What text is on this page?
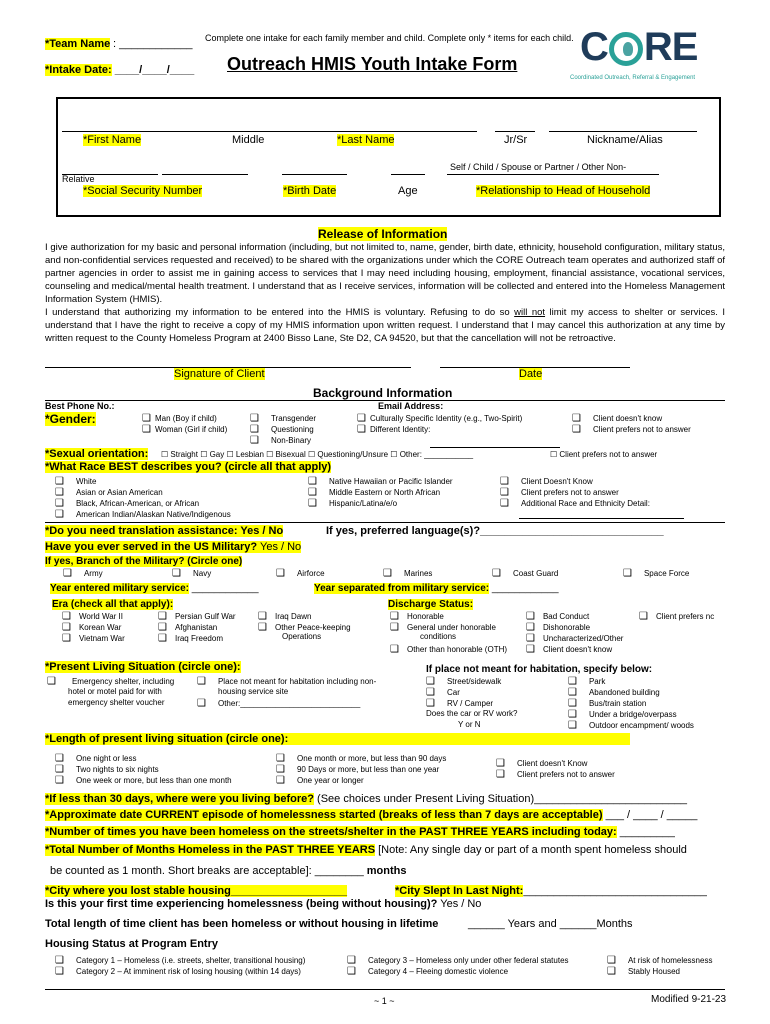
*Team Name : ____________
*Intake Date: ____/____/____
Complete one intake for each family member and child. Complete only * items for each child.
Outreach HMIS Youth Intake Form C RE
Coordinated Outreach, Referral & Engagement
*First Name	Middle	*Last Name	Jr/Sr	Nickname/Alias
Self / Child / Spouse or Partner / Other Non-
Relative
*Social Security Number	*Birth Date	Age	*Relationship to Head of Household
Release of Information
I give authorization for my basic and personal information (including, but not limited to, name, gender, birth date, ethnicity, household configuration, military status, and non-confidential services requested and received) to be shared with the organizations under which the CORE Outreach team operates and authorized staff of partner agencies in order to assist me in gaining access to services that I may need including housing, employment, financial assistance, vocational services, counseling and medical/mental health treatment. I understand that as I receive services, information will be collected and entered into the Homeless Management Information System (HMIS).
I understand that authorizing my information to be entered into the HMIS is voluntary. Refusing to do so will not limit my access to shelter or services. I understand that I have the right to receive a copy of my HMIS information upon written request. I understand that I may cancel this authorization at any time by written request to the County Homeless Program at 2400 Bisso Lane, Ste D2, CA 94520, but that the cancellation will not be retroactive.
Signature of Client	Date
Background Information
Best Phone No.:	Email Address:
*Gender:	❑ Man (Boy if child)
❑ Woman (Girl if child)
❑ Transgender
❑ Questioning
❑ Non-Binary
❑ Culturally Specific Identity (e.g., Two-Spirit)
❑ Different Identity:
❑ Client doesn't know
❑ Client prefers not to answer
*Sexual orientation: ☐ Straight ☐ Gay ☐ Lesbian ☐ Bisexual ☐ Questioning/Unsure ☐ Other: ___________	☐ Client prefers not to answer
*What Race BEST describes you? (circle all that apply)
❑ White
❑ Asian or Asian American
❑ Black, African-American, or African
❑ American Indian/Alaskan Native/Indigenous
❑ Native Hawaiian or Pacific Islander
❑ Middle Eastern or North African
❑ Hispanic/Latina/e/o
❑ Client Doesn't Know
❑ Client prefers not to answer
❑ Additional Race and Ethnicity Detail:
*Do you need translation assistance: Yes / No	If yes, preferred language(s)?______________________________
Have you ever served in the US Military? Yes / No
If yes, Branch of the Military? (Circle one)
❑ Army	❑ Navy	❑ Airforce	❑ Marines	❑ Coast Guard	❑ Space Force
Year entered military service: ____________	Year separated from military service: ____________
Era (check all that apply):
❑ World War II
❑ Korean War
❑ Vietnam War
❑ Persian Gulf War
❑ Afghanistan
❑ Iraq Freedom
❑ Iraq Dawn
❑ Other Peace-keeping
Operations
Discharge Status:
❑ Honorable
❑ General under honorable
conditions
❑ Other than honorable (OTH)
❑ Bad Conduct
❑ Dishonorable
❑ Uncharacterized/Other
❑ Client doesn't know
❑ Client prefers nc
*Present Living Situation (circle one):
❑ Emergency shelter, including
hotel or motel paid for with
emergency shelter voucher
❑ Place not meant for habitation including non-
housing service site
❑ Other:___________________________
If place not meant for habitation, specify below:
❑ Street/sidewalk
❑ Car
❑ RV / Camper
Does the car or RV work?
Y or N
❑ Park
❑ Abandoned building
❑ Bus/train station
❑ Under a bridge/overpass
❑ Outdoor encampment/ woods
*Length of present living situation (circle one):
❑ One night or less
❑ Two nights to six nights
❑ One week or more, but less than one month
❑ One month or more, but less than 90 days
❑ 90 Days or more, but less than one year
❑ One year or longer
❑ Client doesn't Know
❑ Client prefers not to answer
*If less than 30 days, where were you living before? (See choices under Present Living Situation)_________________________
*Approximate date CURRENT episode of homelessness started (breaks of less than 7 days are acceptable) ___ / ____ / _____
*Number of times you have been homeless on the streets/shelter in the PAST THREE YEARS including today: _________
*Total Number of Months Homeless in the PAST THREE YEARS [Note: Any single day or part of a month spent homeless should
be counted as 1 month. Short breaks are acceptable]: ________ months
*City where you lost stable housing___________________	*City Slept In Last Night:______________________________
Is this your first time experiencing homelessness (being without housing)? Yes / No
Total length of time client has been homeless or without housing in lifetime	______ Years and ______Months
Housing Status at Program Entry
❑ Category 1 – Homeless (i.e. streets, shelter, transitional housing)
❑ Category 2 – At imminent risk of losing housing (within 14 days)
❑ Category 3 – Homeless only under other federal statutes
❑ Category 4 – Fleeing domestic violence
❑ At risk of homelessness
❑ Stably Housed
~ 1 ~	Modified 9-21-23
